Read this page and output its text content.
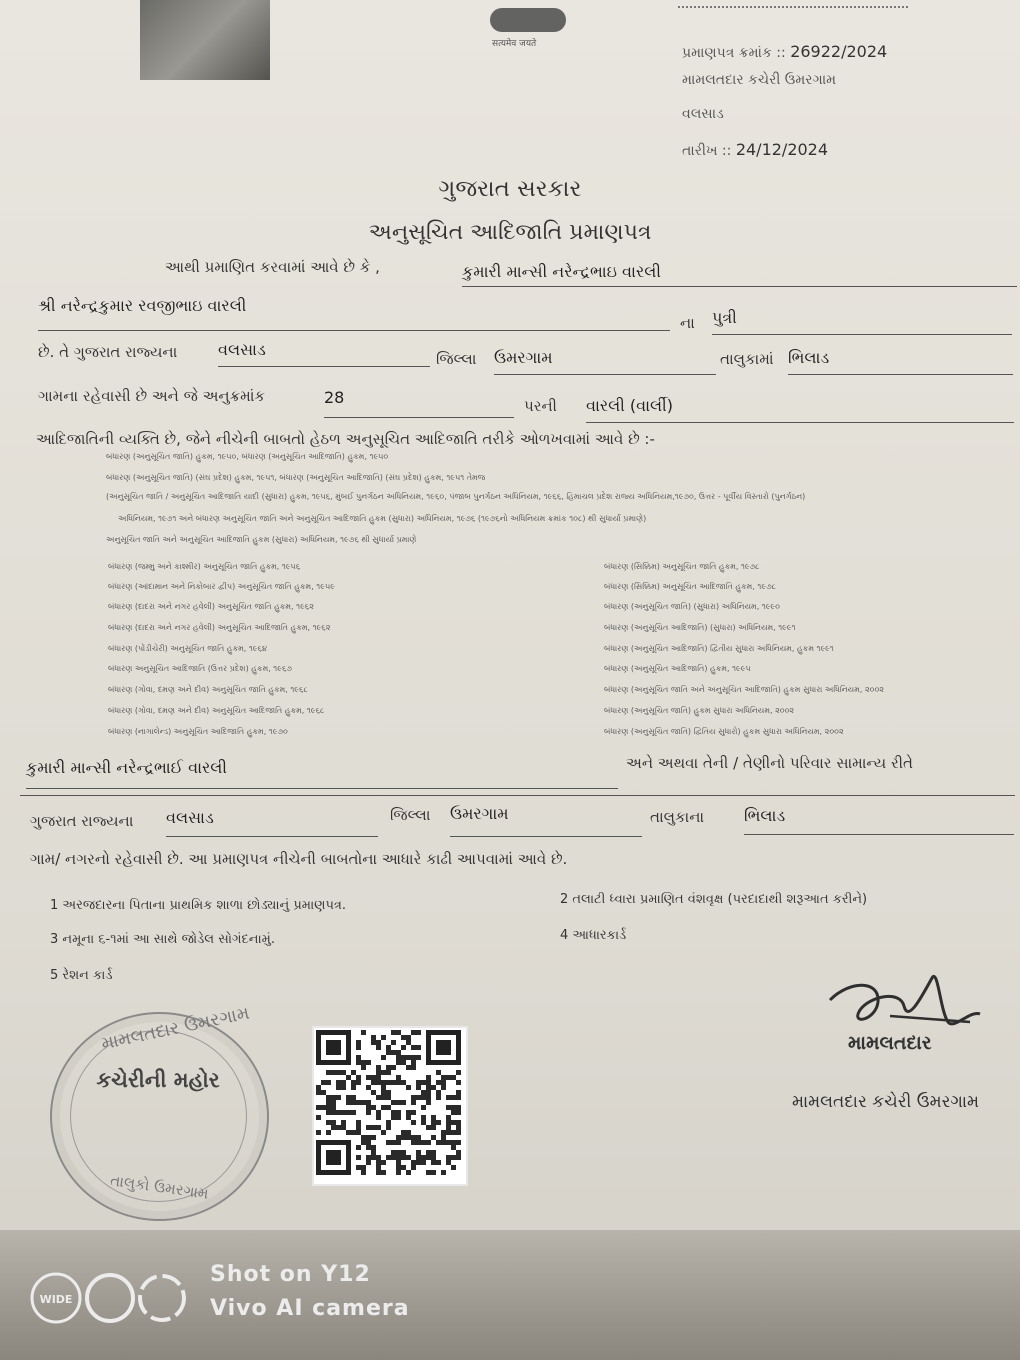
सत्यमेव जयते
પ્રમાણપત્ર ક્રમાંક :: 26922/2024
મામલતદાર કચેરી ઉમરગામ
વલસાડ
તારીખ :: 24/12/2024
ગુજરાત સરકાર
અનુસૂચિત આદિજાતિ પ્રમાણપત્ર
આથી પ્રમાણિત કરવામાં આવે છે કે ,	કુમારી માન્સી નરેન્દ્રભાઇ વારલી
શ્રી નરેન્દ્રકુમાર રવજીભાઇ વારલી
ના પુત્રી
છે. તે ગુજરાત રાજ્યના	વલસાડ	જિલ્લા ઉમરગામ	તાલુકામાં ભિલાડ
ગામના રહેવાસી છે અને જે અનુક્રમાંક	28	પરની વારલી (વાર્લી)
આદિજાતિની વ્યક્તિ છે, જેને નીચેની બાબતો હેઠળ અનુસૂચિત આદિજાતિ તરીકે ઓળખવામાં આવે છે :-
બંધારણ (અનુસૂચિત જાતિ) હુકમ, ૧૯૫૦, બંધારણ (અનુસૂચિત આદિજાતિ) હુકમ, ૧૯૫૦
બંધારણ (અનુસૂચિત જાતિ) (સંઘ પ્રદેશ) હુકમ, ૧૯૫૧, બંધારણ (અનુસૂચિત આદિજાતિ) (સંઘ પ્રદેશ) હુકમ, ૧૯૫૧ તેમજ
(અનુસૂચિત જાતિ / અનુસૂચિત આદિજાતિ યાદી (સુધારા) હુકમ, ૧૯૫૬, મુંબઈ પુનર્ગઠન અધિનિયમ, ૧૯૬૦, પંજાબ પુનર્ગઠન અધિનિયમ, ૧૯૬૬, હિમાચલ પ્રદેશ રાજ્ય અધિનિયમ,૧૯૭૦, ઉત્તર - પૂર્વીય વિસ્તારો (પુનર્ગઠન)
અધિનિયમ, ૧૯૭૧ અને બંધારણ અનુસૂચિત જાતિ અને અનુસૂચિત આદિજાતિ હુકમ (સુધારા) અધિનિયમ, ૧૯૭૬ (૧૯૭૬નો અધિનિયમ ક્રમાંક ૧૦૮) થી સુધાર્યા પ્રમાણે)
અનુસૂચિત જાતિ અને અનુસૂચિત આદિજાતિ હુકમ (સુધારા) અધિનિયમ, ૧૯૭૬ થી સુધાર્યા પ્રમાણે
બંધારણ (જમ્મુ અને કાશ્મીર) અનુસૂચિત જાતિ હુકમ, ૧૯૫૬
બંધારણ (આંદામાન અને નિકોબાર દ્વીપ) અનુસૂચિત જાતિ હુકમ, ૧૯૫૯
બંધારણ (દાદરા અને નગર હવેલી) અનુસૂચિત જાતિ હુકમ, ૧૯૬૨
બંધારણ (દાદરા અને નગર હવેલી) અનુસૂચિત આદિજાતિ હુકમ, ૧૯૬૨
બંધારણ (પોંડીચેરી) અનુસૂચિત જાતિ હુકમ, ૧૯૬૪
બંધારણ અનુસૂચિત આદિજાતિ (ઉત્તર પ્રદેશ) હુકમ, ૧૯૬૭
બંધારણ (ગોવા, દમણ અને દીવ) અનુસૂચિત જાતિ હુકમ, ૧૯૬૮
બંધારણ (ગોવા, દમણ અને દીવ) અનુસૂચિત આદિજાતિ હુકમ, ૧૯૬૮
બંધારણ (નાગાલેન્ડ) અનુસૂચિત આદિજાતિ હુકમ, ૧૯૭૦
બંધારણ (સિક્કિમ) અનુસૂચિત જાતિ હુકમ, ૧૯૭૮
બંધારણ (સિક્કિમ) અનુસૂચિત આદિજાતિ હુકમ, ૧૯૭૮
બંધારણ (અનુસૂચિત જાતિ) (સુધારા) અધિનિયમ, ૧૯૯૦
બંધારણ (અનુસૂચિત આદિજાતિ) (સુધારા) અધિનિયમ, ૧૯૯૧
બંધારણ (અનુસૂચિત આદિજાતિ) દ્વિતીય સુધારા અધિનિયમ, હુકમ ૧૯૯૧
બંધારણ (અનુસૂચિત આદિજાતિ) હુકમ, ૧૯૯૫
બંધારણ (અનુસૂચિત જાતિ અને અનુસૂચિત આદિજાતિ) હુકમ સુધારા અધિનિયમ, ૨૦૦૨
બંધારણ (અનુસૂચિત જાતિ) હુકમ સુધારા અધિનિયમ, ૨૦૦૨
બંધારણ (અનુસૂચિત જાતિ) દ્વિતિય સુધારો) હુકમ સુધારા અધિનિયમ, ૨૦૦૨
કુમારી માન્સી નરેન્દ્રભાઈ વારલી	અને અથવા તેની / તેણીનો પરિવાર સામાન્ય રીતે
ગુજરાત રાજ્યના વલસાડ	જિલ્લા ઉમરગામ	તાલુકાના ભિલાડ
ગામ/ નગરનો રહેવાસી છે. આ પ્રમાણપત્ર નીચેની બાબતોના આધારે કાઢી આપવામાં આવે છે.
1 અરજદારના પિતાના પ્રાથમિક શાળા છોડ્યાનું પ્રમાણપત્ર.	2 તલાટી ધ્વારા પ્રમાણિત વંશવૃક્ષ (પરદાદાથી શરૂઆત કરીને)
3 નમૂના ૬-૧માં આ સાથે જોડેલ સોગંદનામું.	4 આધારકાર્ડ
5 રેશન કાર્ડ
મામલતદાર ઉમરગામ
કચેરીની મહોર
તાલુકો ઉમરગામ
મામલતદાર
મામલતદાર કચેરી ઉમરગામ
WIDE
Shot on Y12
Vivo AI camera
